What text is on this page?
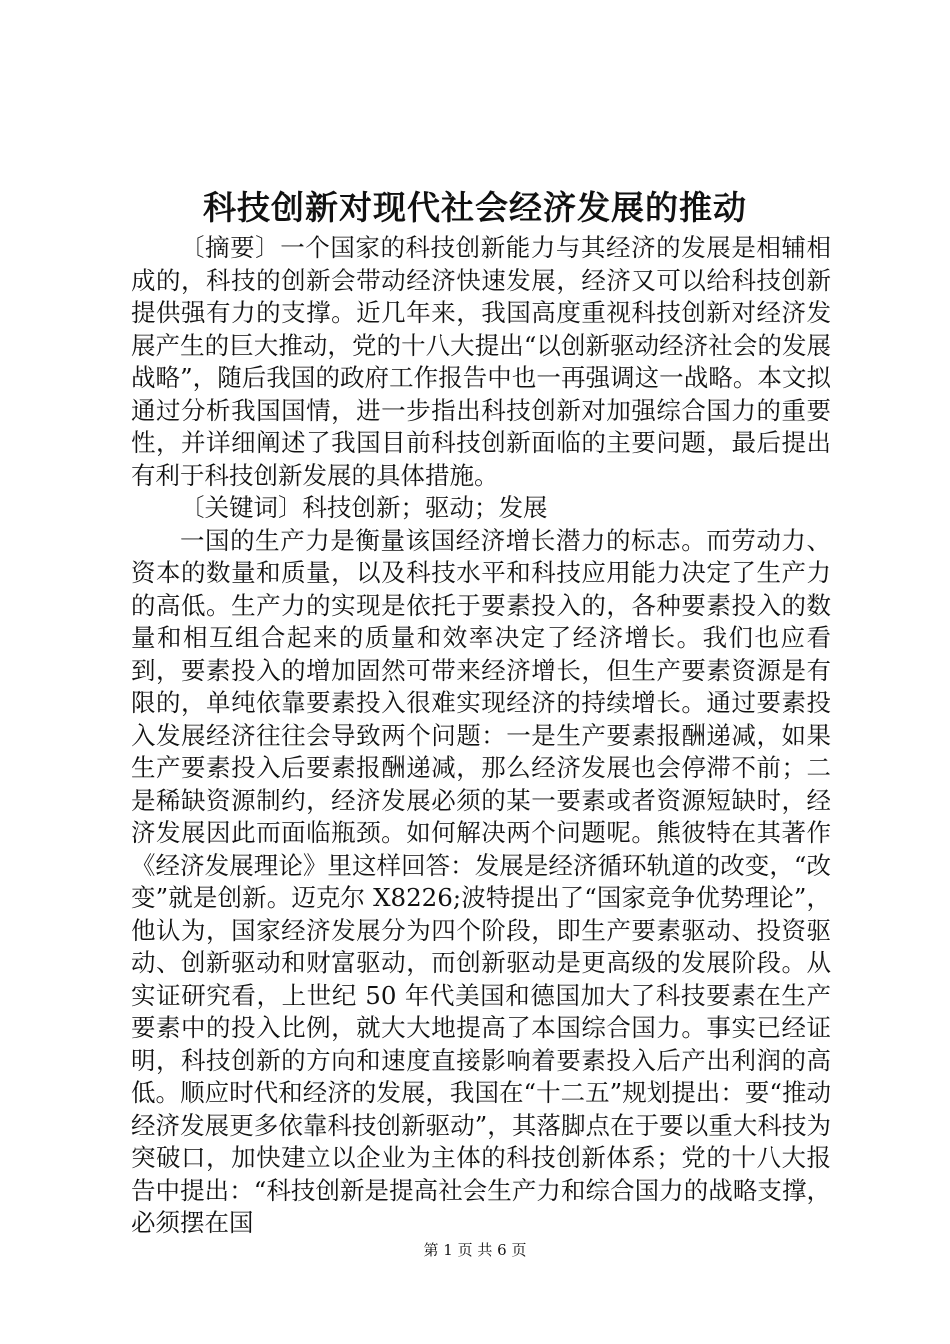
科技创新对现代社会经济发展的推动

〔摘要〕一个国家的科技创新能力与其经济的发展是相辅相成的，科技的创新会带动经济快速发展，经济又可以给科技创新提供强有力的支撑。近几年来，我国高度重视科技创新对经济发展产生的巨大推动，党的十八大提出“以创新驱动经济社会的发展战略”，随后我国的政府工作报告中也一再强调这一战略。本文拟通过分析我国国情，进一步指出科技创新对加强综合国力的重要性，并详细阐述了我国目前科技创新面临的主要问题，最后提出有利于科技创新发展的具体措施。

〔关键词〕科技创新；驱动；发展

一国的生产力是衡量该国经济增长潜力的标志。而劳动力、资本的数量和质量，以及科技水平和科技应用能力决定了生产力的高低。生产力的实现是依托于要素投入的，各种要素投入的数量和相互组合起来的质量和效率决定了经济增长。我们也应看到，要素投入的增加固然可带来经济增长，但生产要素资源是有限的，单纯依靠要素投入很难实现经济的持续增长。通过要素投入发展经济往往会导致两个问题：一是生产要素报酬递减，如果生产要素投入后要素报酬递减，那么经济发展也会停滞不前；二是稀缺资源制约，经济发展必须的某一要素或者资源短缺时，经济发展因此而面临瓶颈。如何解决两个问题呢。熊彼特在其著作《经济发展理论》里这样回答：发展是经济循环轨道的改变，“改变”就是创新。迈克尔 X8226;波特提出了“国家竞争优势理论”，他认为，国家经济发展分为四个阶段，即生产要素驱动、投资驱动、创新驱动和财富驱动，而创新驱动是更高级的发展阶段。从实证研究看，上世纪 50 年代美国和德国加大了科技要素在生产要素中的投入比例，就大大地提高了本国综合国力。事实已经证明，科技创新的方向和速度直接影响着要素投入后产出利润的高低。顺应时代和经济的发展，我国在“十二五”规划提出：要“推动经济发展更多依靠科技创新驱动”，其落脚点在于要以重大科技为突破口，加快建立以企业为主体的科技创新体系；党的十八大报告中提出：“科技创新是提高社会生产力和综合国力的战略支撑，必须摆在国

第 1 页 共 6 页
